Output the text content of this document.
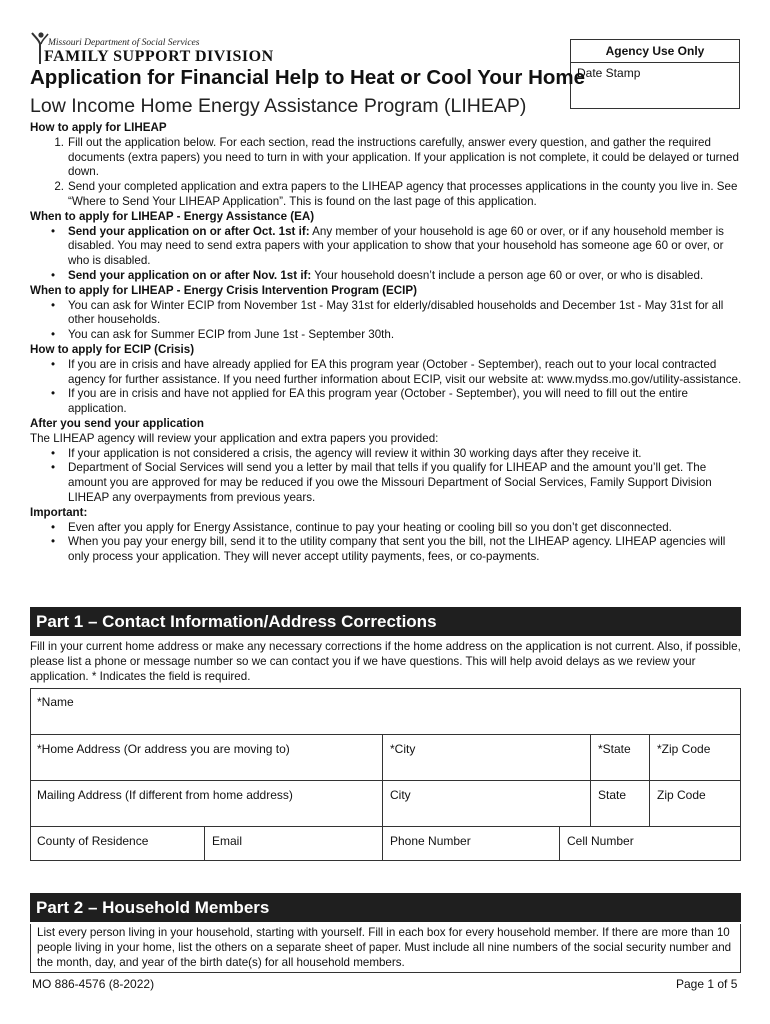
Missouri Department of Social Services
FAMILY SUPPORT DIVISION	Agency Use Only
Date Stamp
Application for Financial Help to Heat or Cool Your Home
Low Income Home Energy Assistance Program (LIHEAP)

How to apply for LIHEAP

1. Fill out the application below. For each section, read the instructions carefully, answer every question, and gather the required documents (extra papers) you need to turn in with your application. If your application is not complete, it could be delayed or turned down.
2. Send your completed application and extra papers to the LIHEAP agency that processes applications in the county you live in. See “Where to Send Your LIHEAP Application”. This is found on the last page of this application.

When to apply for LIHEAP - Energy Assistance (EA)

•	Send your application on or after Oct. 1st if: Any member of your household is age 60 or over, or if any household member is disabled. You may need to send extra papers with your application to show that your household has someone age 60 or over, or who is disabled.
•	Send your application on or after Nov. 1st if: Your household doesn’t include a person age 60 or over, or who is disabled.

When to apply for LIHEAP - Energy Crisis Intervention Program (ECIP)

•	You can ask for Winter ECIP from November 1st - May 31st for elderly/disabled households and December 1st - May 31st for all other households.
•	You can ask for Summer ECIP from June 1st - September 30th.

How to apply for ECIP (Crisis)

•	If you are in crisis and have already applied for EA this program year (October - September), reach out to your local contracted agency for further assistance. If you need further information about ECIP, visit our website at: www.mydss.mo.gov/utility-assistance.
•	If you are in crisis and have not applied for EA this program year (October - September), you will need to fill out the entire application.

After you send your application

The LIHEAP agency will review your application and extra papers you provided:

•	If your application is not considered a crisis, the agency will review it within 30 working days after they receive it.
•	Department of Social Services will send you a letter by mail that tells if you qualify for LIHEAP and the amount you’ll get. The amount you are approved for may be reduced if you owe the Missouri Department of Social Services, Family Support Division LIHEAP any overpayments from previous years.

Important:

•	Even after you apply for Energy Assistance, continue to pay your heating or cooling bill so you don’t get disconnected.
•	When you pay your energy bill, send it to the utility company that sent you the bill, not the LIHEAP agency. LIHEAP agencies will only process your application. They will never accept utility payments, fees, or co-payments.
Part 1 – Contact Information/Address Corrections
Fill in your current home address or make any necessary corrections if the home address on the application is not current. Also, if possible, please list a phone or message number so we can contact you if we have questions. This will help avoid delays as we review your application. * Indicates the field is required.
*Name
*Home Address (Or address you are moving to)	*City	*State	*Zip Code
Mailing Address (If different from home address)	City	State	Zip Code
County of Residence	Email	Phone Number	Cell Number
Part 2 – Household Members
List every person living in your household, starting with yourself. Fill in each box for every household member. If there are more than 10 people living in your home, list the others on a separate sheet of paper. Must include all nine numbers of the social security number and the month, day, and year of the birth date(s) for all household members.
MO 886-4576 (8-2022)	Page 1 of 5
